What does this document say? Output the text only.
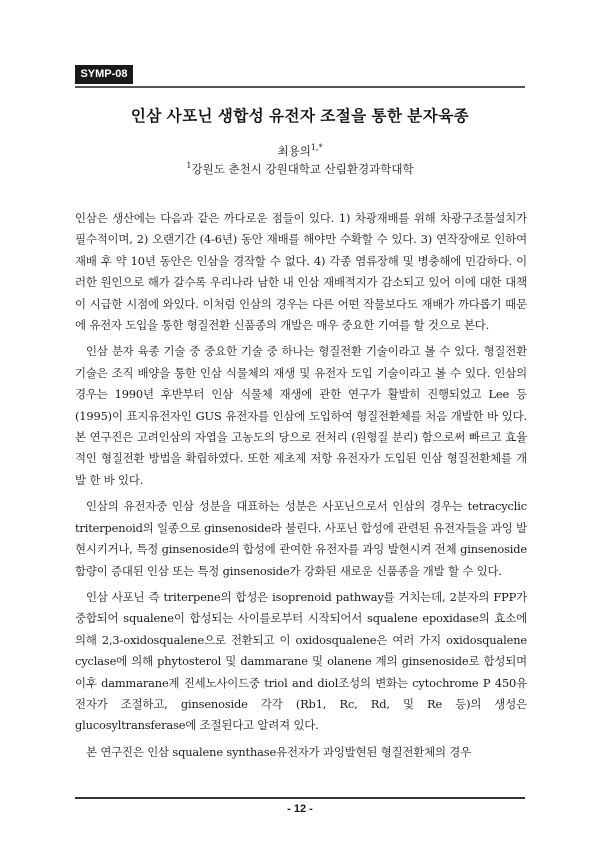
SYMP-08
인삼 사포닌 생합성 유전자 조절을 통한 분자육종
최용의$^{1,*}$
$^1$강원도 춘천시 강원대학교 산림환경과학대학

인삼은 생산에는 다음과 같은 까다로운 점들이 있다. 1) 차광재배를 위해 차광구조물설치가 필수적이며, 2) 오랜기간 (4-6년) 동안 재배를 해야만 수확할 수 있다. 3) 연작장애로 인하여 재배 후 약 10년 동안은 인삼을 경작할 수 없다. 4) 각종 염류장해 및 병충해에 민감하다. 이러한 원인으로 해가 갈수록 우리나라 남한 내 인삼 재배적지가 감소되고 있어 이에 대한 대책이 시급한 시점에 와있다. 이처럼 인삼의 경우는 다른 어떤 작물보다도 재배가 까다롭기 때문에 유전자 도입을 통한 형질전환 신품종의 개발은 매우 중요한 기여를 할 것으로 본다.

인삼 분자 육종 기술 중 중요한 기술 중 하나는 형질전환 기술이라고 볼 수 있다. 형질전환 기술은 조직 배양을 통한 인삼 식물체의 재생 및 유전자 도입 기술이라고 볼 수 있다. 인삼의 경우는 1990년 후반부터 인삼 식물체 재생에 관한 연구가 활발히 진행되었고 Lee 등 (1995)이 표지유전자인 GUS 유전자를 인삼에 도입하여 형질전환체를 처음 개발한 바 있다. 본 연구진은 고려인삼의 자엽을 고농도의 당으로 전처리 (원형질 분리) 함으로써 빠르고 효율적인 형질전환 방법을 확립하였다. 또한 제초제 저항 유전자가 도입된 인삼 형질전환체를 개발 한 바 있다.

인삼의 유전자중 인삼 성분을 대표하는 성분은 사포닌으로서 인삼의 경우는 tetracyclic triterpenoid의 일종으로 ginsenoside라 불린다. 사포닌 합성에 관련된 유전자들을 과잉 발현시키거나, 특정 ginsenoside의 합성에 관여한 유전자를 과잉 발현시켜 전체 ginsenoside 함량이 증대된 인삼 또는 특정 ginsenoside가 강화된 새로운 신품종을 개발 할 수 있다.

인삼 사포닌 즉 triterpene의 합성은 isoprenoid pathway를 거치는데, 2분자의 FPP가 중합되어 squalene이 합성되는 사이를로부터 시작되어서 squalene epoxidase의 효소에 의해 2,3-oxidosqualene으로 전환되고 이 oxidosqualene은 여러 가지 oxidosqualene cyclase에 의해 phytosterol 및 dammarane 및 olanene 계의 ginsenoside로 합성되며 이후 dammarane계 진세노사이드중 triol and diol조성의 변화는 cytochrome P 450유전자가 조절하고, ginsenoside 각각 (Rb1, Rc, Rd, 및 Re 등)의 생성은 glucosyltransferase에 조절된다고 알려져 있다.

본 연구진은 인삼 squalene synthase유전자가 과잉발현된 형질전환체의 경우

- 12 -
